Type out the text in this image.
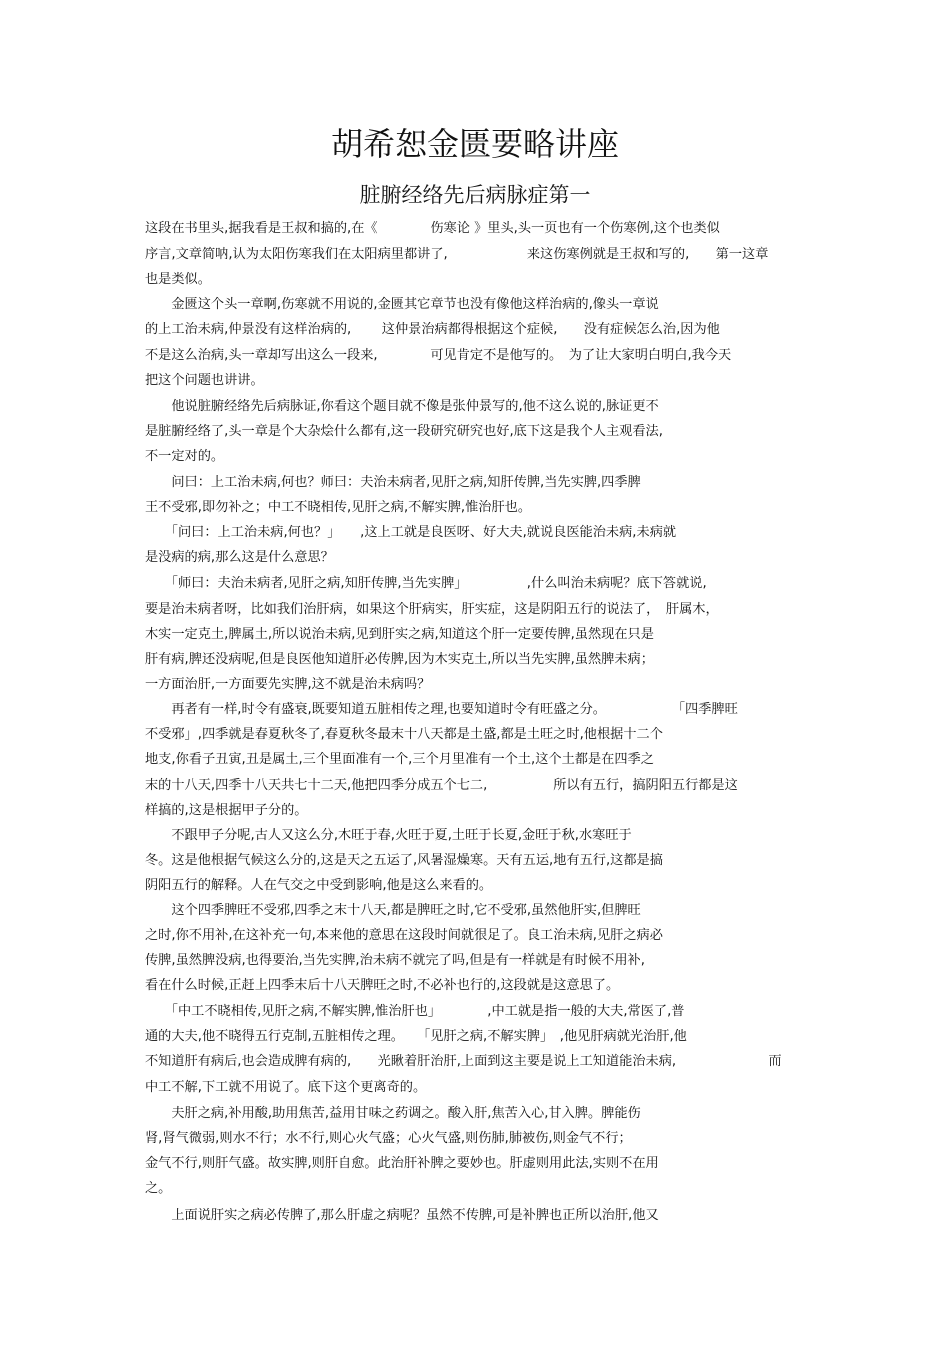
胡希恕金匮要略讲座
脏腑经络先后病脉症第一
这段在书里头,据我看是王叔和搞的,在《　　　　伤寒论 》里头,头一页也有一个伤寒例,这个也类似
序言,文章简呐,认为太阳伤寒我们在太阳病里都讲了,　　　　　　来这伤寒例就是王叔和写的,　　第一这章
也是类似。
　　金匮这个头一章啊,伤寒就不用说的,金匮其它章节也没有像他这样治病的,像头一章说
的上工治未病,仲景没有这样治病的,　　 这仲景治病都得根据这个症候,　　没有症候怎么治,因为他
不是这么治病,头一章却写出这么一段来,　　　　可见肯定不是他写的。　为了让大家明白明白,我今天
把这个问题也讲讲。
　　他说脏腑经络先后病脉证,你看这个题目就不像是张仲景写的,他不这么说的,脉证更不
是脏腑经络了,头一章是个大杂烩什么都有,这一段研究研究也好,底下这是我个人主观看法,
不一定对的。
　　问曰：上工治未病,何也？师曰：夫治未病者,见肝之病,知肝传脾,当先实脾,四季脾
王不受邪,即勿补之；中工不晓相传,见肝之病,不解实脾,惟治肝也。
　　「问曰：上工治未病,何也？」　　,这上工就是良医呀、好大夫,就说良医能治未病,未病就
是没病的病,那么这是什么意思？
　　「师曰：夫治未病者,见肝之病,知肝传脾,当先实脾」　　　　　,什么叫治未病呢？底下答就说,
要是治未病者呀，比如我们治肝病，如果这个肝病实，肝实症，这是阴阳五行的说法了，　肝属木，
木实一定克土,脾属土,所以说治未病,见到肝实之病,知道这个肝一定要传脾,虽然现在只是
肝有病,脾还没病呢,但是良医他知道肝必传脾,因为木实克土,所以当先实脾,虽然脾未病；
一方面治肝,一方面要先实脾,这不就是治未病吗？
　　再者有一样,时令有盛衰,既要知道五脏相传之理,也要知道时令有旺盛之分。　　　　　　「四季脾旺
不受邪」,四季就是春夏秋冬了,春夏秋冬最末十八天都是土盛,都是土旺之时,他根据十二个
地支,你看子丑寅,丑是属土,三个里面准有一个,三个月里准有一个土,这个土都是在四季之
末的十八天,四季十八天共七十二天,他把四季分成五个七二,　　　　　所以有五行，搞阴阳五行都是这
样搞的,这是根据甲子分的。
　　不跟甲子分呢,古人又这么分,木旺于春,火旺于夏,土旺于长夏,金旺于秋,水寒旺于
冬。这是他根据气候这么分的,这是天之五运了,风暑湿燥寒。天有五运,地有五行,这都是搞
阴阳五行的解释。人在气交之中受到影响,他是这么来看的。
　　这个四季脾旺不受邪,四季之末十八天,都是脾旺之时,它不受邪,虽然他肝实,但脾旺
之时,你不用补,在这补充一句,本来他的意思在这段时间就很足了。良工治未病,见肝之病必
传脾,虽然脾没病,也得要治,当先实脾,治未病不就完了吗,但是有一样就是有时候不用补,
看在什么时候,正赶上四季末后十八天脾旺之时,不必补也行的,这段就是这意思了。
　　「中工不晓相传,见肝之病,不解实脾,惟治肝也」　　　　,中工就是指一般的大夫,常医了,普
通的大夫,他不晓得五行克制,五脏相传之理。　　「见肝之病,不解实脾」　,他见肝病就光治肝,他
不知道肝有病后,也会造成脾有病的,　　光瞅着肝治肝,上面到这主要是说上工知道能治未病,　　　　　　　而
中工不解,下工就不用说了。底下这个更离奇的。
　　夫肝之病,补用酸,助用焦苦,益用甘味之药调之。酸入肝,焦苦入心,甘入脾。脾能伤
肾,肾气微弱,则水不行；水不行,则心火气盛；心火气盛,则伤肺,肺被伤,则金气不行；
金气不行,则肝气盛。故实脾,则肝自愈。此治肝补脾之要妙也。肝虚则用此法,实则不在用
之。
　　上面说肝实之病必传脾了,那么肝虚之病呢？虽然不传脾,可是补脾也正所以治肝,他又
